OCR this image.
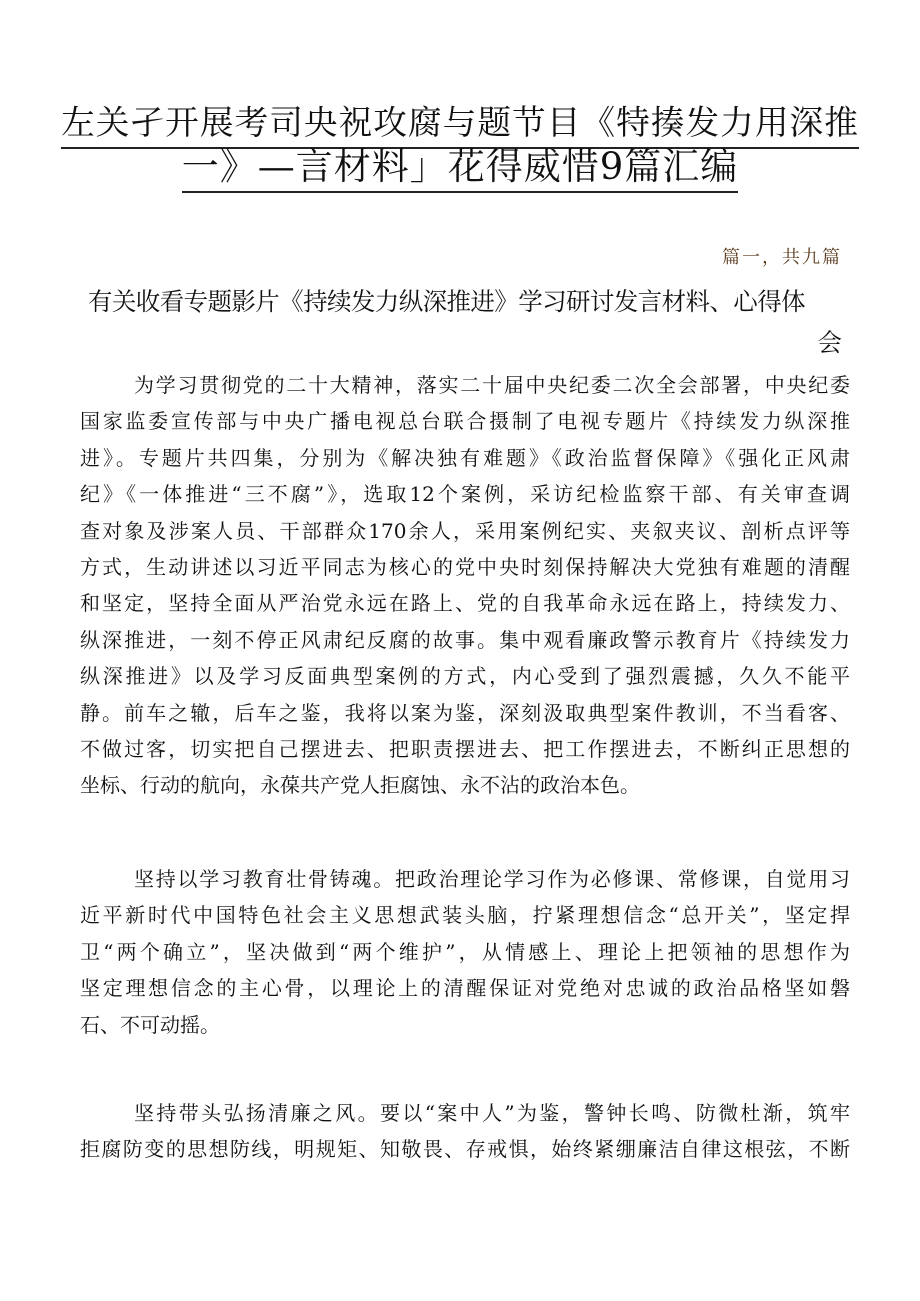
左关孑开展考司央祝攻腐与题节目《特揍发力用深推
一》—言材料」花得威惜9篇汇编
篇一，共九篇
有关收看专题影片《持续发力纵深推进》学习研讨发言材料、心得体
会
为学习贯彻党的二十大精神，落实二十届中央纪委二次全会部署，中央纪委
国家监委宣传部与中央广播电视总台联合摄制了电视专题片《持续发力纵深推
进》。专题片共四集，分别为《解决独有难题》《政治监督保障》《强化正风肃
纪》《一体推进“三不腐”》，选取12个案例，采访纪检监察干部、有关审查调
查对象及涉案人员、干部群众170余人，采用案例纪实、夹叙夹议、剖析点评等
方式，生动讲述以习近平同志为核心的党中央时刻保持解决大党独有难题的清醒
和坚定，坚持全面从严治党永远在路上、党的自我革命永远在路上，持续发力、
纵深推进，一刻不停正风肃纪反腐的故事。集中观看廉政警示教育片《持续发力
纵深推进》以及学习反面典型案例的方式，内心受到了强烈震撼，久久不能平
静。前车之辙，后车之鉴，我将以案为鉴，深刻汲取典型案件教训，不当看客、
不做过客，切实把自己摆进去、把职责摆进去、把工作摆进去，不断纠正思想的
坐标、行动的航向，永葆共产党人拒腐蚀、永不沾的政治本色。
坚持以学习教育壮骨铸魂。把政治理论学习作为必修课、常修课，自觉用习
近平新时代中国特色社会主义思想武装头脑，拧紧理想信念“总开关”，坚定捍
卫“两个确立”，坚决做到“两个维护”，从情感上、理论上把领袖的思想作为
坚定理想信念的主心骨，以理论上的清醒保证对党绝对忠诚的政治品格坚如磐
石、不可动摇。
坚持带头弘扬清廉之风。要以“案中人”为鉴，警钟长鸣、防微杜渐，筑牢
拒腐防变的思想防线，明规矩、知敬畏、存戒惧，始终紧绷廉洁自律这根弦，不断
